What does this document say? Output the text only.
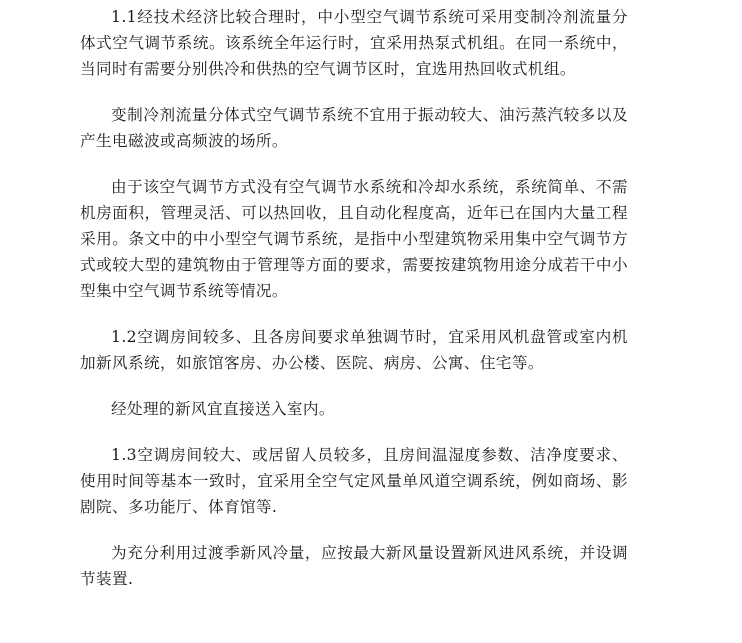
1.1经技术经济比较合理时，中小型空气调节系统可采用变制冷剂流量分体式空气调节系统。该系统全年运行时，宜采用热泵式机组。在同一系统中，当同时有需要分别供冷和供热的空气调节区时，宜选用热回收式机组。

变制冷剂流量分体式空气调节系统不宜用于振动较大、油污蒸汽较多以及产生电磁波或高频波的场所。

由于该空气调节方式没有空气调节水系统和冷却水系统，系统简单、不需机房面积，管理灵活、可以热回收，且自动化程度高，近年已在国内大量工程采用。条文中的中小型空气调节系统，是指中小型建筑物采用集中空气调节方式或较大型的建筑物由于管理等方面的要求，需要按建筑物用途分成若干中小型集中空气调节系统等情况。

1.2空调房间较多、且各房间要求单独调节时，宜采用风机盘管或室内机加新风系统，如旅馆客房、办公楼、医院、病房、公寓、住宅等。

经处理的新风宜直接送入室内。

1.3空调房间较大、或居留人员较多，且房间温湿度参数、洁净度要求、使用时间等基本一致时，宜采用全空气定风量单风道空调系统，例如商场、影剧院、多功能厅、体育馆等.

为充分利用过渡季新风冷量，应按最大新风量设置新风进风系统，并设调节装置.
